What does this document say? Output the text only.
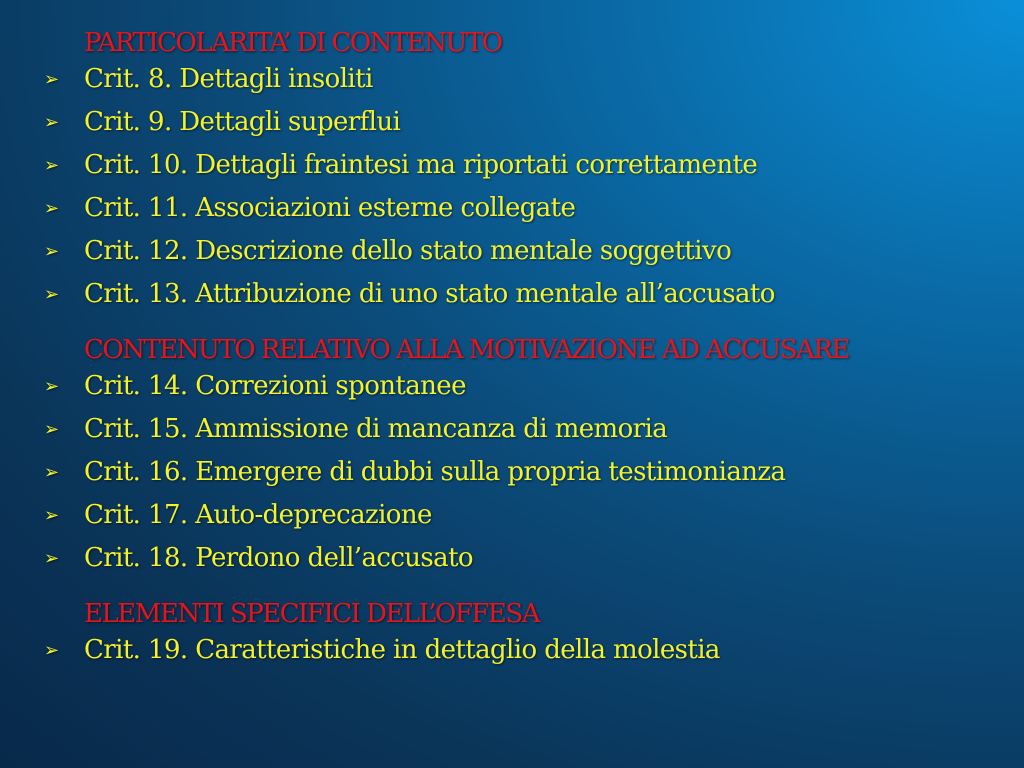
PARTICOLARITA’ DI CONTENUTO
➢ Crit. 8. Dettagli insoliti
➢ Crit. 9. Dettagli superflui
➢ Crit. 10. Dettagli fraintesi ma riportati correttamente
➢ Crit. 11. Associazioni esterne collegate
➢ Crit. 12. Descrizione dello stato mentale soggettivo
➢ Crit. 13. Attribuzione di uno stato mentale all’accusato
CONTENUTO RELATIVO ALLA MOTIVAZIONE AD ACCUSARE
➢ Crit. 14. Correzioni spontanee
➢ Crit. 15. Ammissione di mancanza di memoria
➢ Crit. 16. Emergere di dubbi sulla propria testimonianza
➢ Crit. 17. Auto-deprecazione
➢ Crit. 18. Perdono dell’accusato
ELEMENTI SPECIFICI DELL’OFFESA
➢ Crit. 19. Caratteristiche in dettaglio della molestia
